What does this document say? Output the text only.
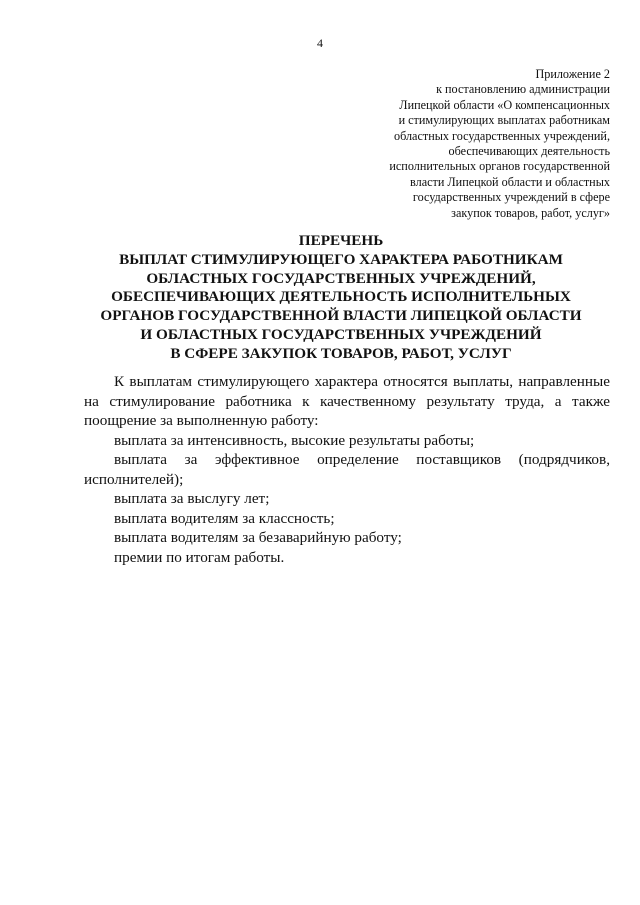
4
Приложение 2
к постановлению администрации
Липецкой области «О компенсационных
и стимулирующих выплатах работникам
областных государственных учреждений,
обеспечивающих деятельность
исполнительных органов государственной
власти Липецкой области и областных
государственных учреждений в сфере
закупок товаров, работ, услуг»
ПЕРЕЧЕНЬ
ВЫПЛАТ СТИМУЛИРУЮЩЕГО ХАРАКТЕРА РАБОТНИКАМ
ОБЛАСТНЫХ ГОСУДАРСТВЕННЫХ УЧРЕЖДЕНИЙ,
ОБЕСПЕЧИВАЮЩИХ ДЕЯТЕЛЬНОСТЬ ИСПОЛНИТЕЛЬНЫХ
ОРГАНОВ ГОСУДАРСТВЕННОЙ ВЛАСТИ ЛИПЕЦКОЙ ОБЛАСТИ
И ОБЛАСТНЫХ ГОСУДАРСТВЕННЫХ УЧРЕЖДЕНИЙ
В СФЕРЕ ЗАКУПОК ТОВАРОВ, РАБОТ, УСЛУГ

К выплатам стимулирующего характера относятся выплаты, направленные на стимулирование работника к качественному результату труда, а также поощрение за выполненную работу:

выплата за интенсивность, высокие результаты работы;

выплата за эффективное определение поставщиков (подрядчиков, исполнителей);

выплата за выслугу лет;

выплата водителям за классность;

выплата водителям за безаварийную работу;

премии по итогам работы.
